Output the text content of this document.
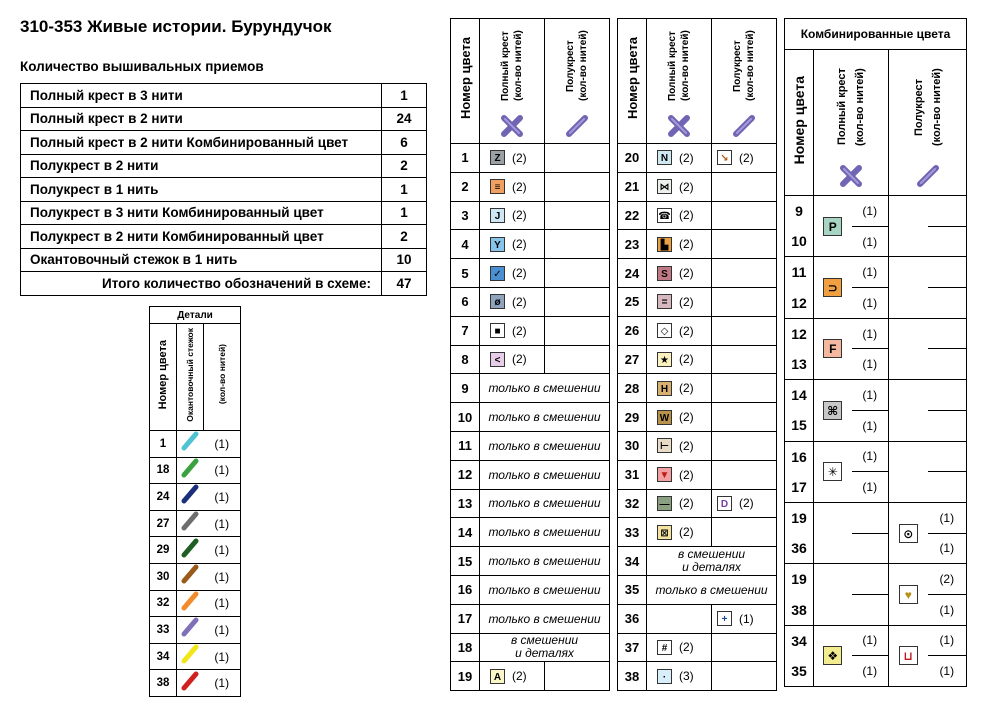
310-353 Живые истории. Бурундучок
Количество вышивальных приемов
Полный крест в 3 нити	1
Полный крест в 2 нити	24
Полный крест в 2 нити Комбинированный цвет	6
Полукрест в 2 нити	2
Полукрест в 1 нить	1
Полукрест в 3 нити Комбинированный цвет	1
Полукрест в 2 нити Комбинированный цвет	2
Окантовочный стежок в 1 нить	10
Итого количество обозначений в схеме:	47
Детали		
Номер цвета	Окантовочный стежок	(кол-во нитей)
1		(1)
18		(1)
24		(1)
27		(1)
29		(1)
30		(1)
32		(1)
33		(1)
34		(1)
38		(1)
Номер цвета	Полный крест (кол-во нитей)	Полукрест (кол-во нитей)

1	Z (2)	

2	≡ (2)	

3	J (2)	

4	Y (2)	

5	✓ (2)	

6	ø (2)	

7	■ (2)	

8	< (2)	

9	только в смешении	
10	только в смешении	
11	только в смешении	
12	только в смешении	
13	только в смешении	
14	только в смешении	
15	только в смешении	
16	только в смешении	
17	только в смешении	
18	в смешении
и деталях	

19	A (2)	

Номер цвета	Полный крест (кол-во нитей)	Полукрест (кол-во нитей)

20	N (2)	↘ (2)

21	⋈ (2)	

22	☎ (2)	

23	▙ (2)	

24	S (2)	

25	= (2)	

26	◇ (2)	

27	★ (2)	

28	H (2)	

29	W (2)	

30	⊢ (2)	

31	▼ (2)	

32	— (2)	D (2)

33	⊠ (2)	

34	в смешении
и деталях	

35	только в смешении	
36		+ (1)

37	# (2)	

38	· (3)	

Комбинированные цвета				
Номер цвета	Полный крест (кол-во нитей)		Полукрест (кол-во нитей)	

9	P	(1)		
10		(1)		
11	⊃	(1)		
12		(1)		
12	F	(1)		
13		(1)		
14	⌘	(1)		
15		(1)		
16	✳	(1)		
17		(1)		
19			⊙	(1)
36				(1)
19			♥	(2)
38				(1)
34	❖	(1)	⊔	(1)
35		(1)		(1)
